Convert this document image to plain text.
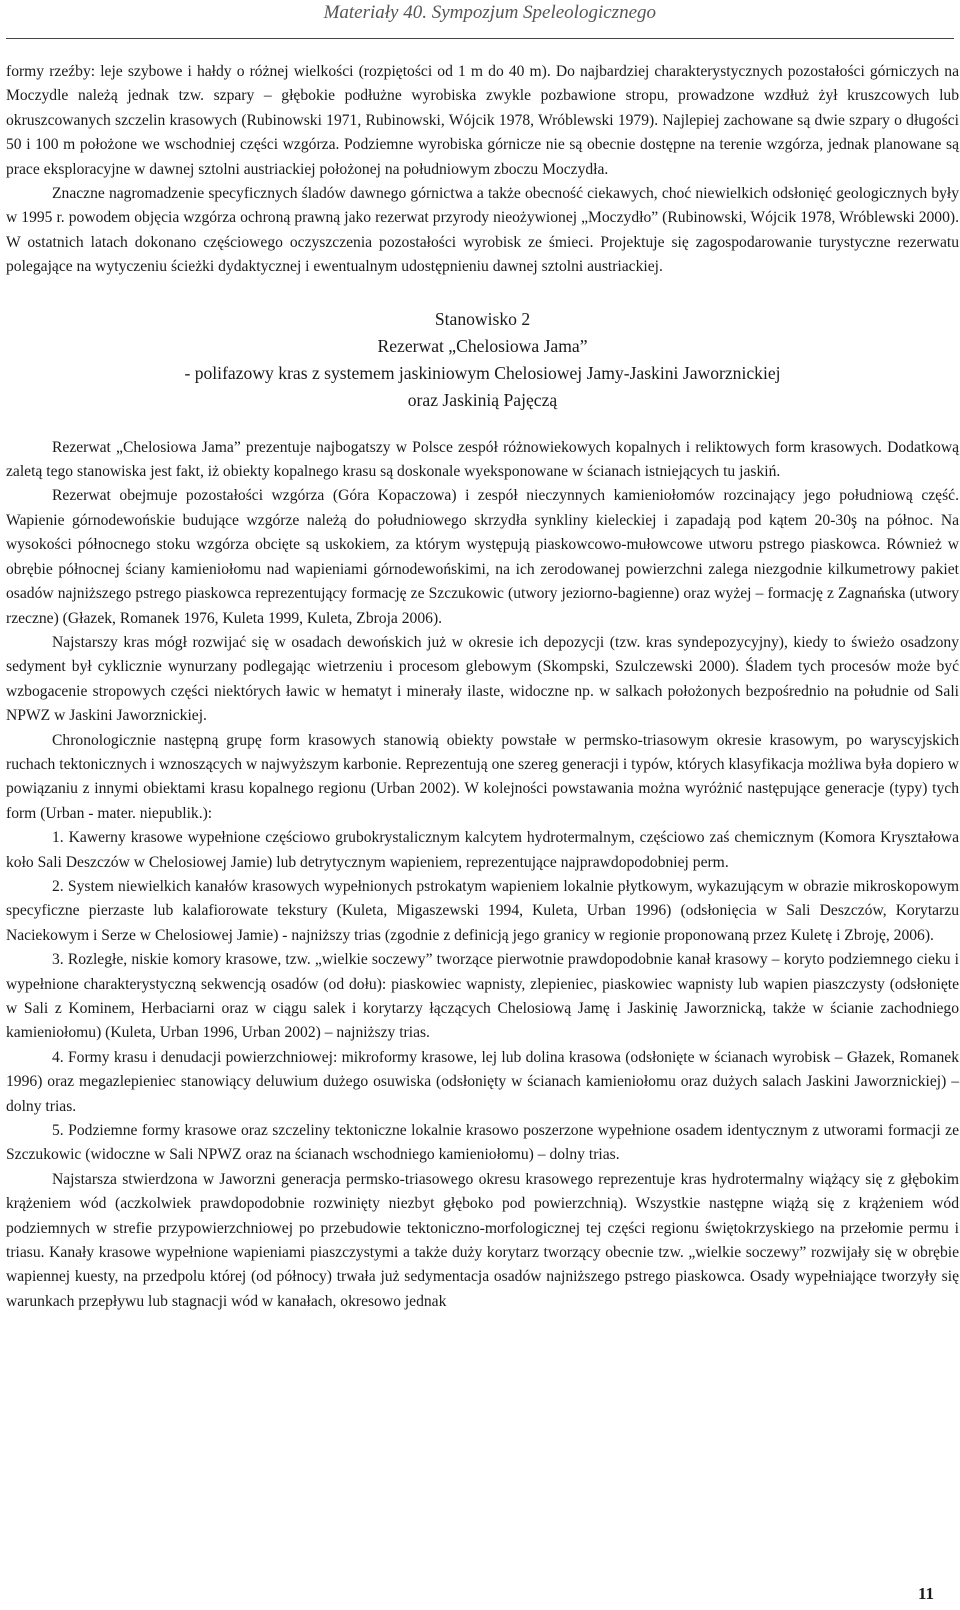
Materiały 40. Sympozjum Speleologicznego

formy rzeźby: leje szybowe i hałdy o różnej wielkości (rozpiętości od 1 m do 40 m). Do najbardziej charakterystycznych pozostałości górniczych na Moczydle należą jednak tzw. szpary – głębokie podłużne wyrobiska zwykle pozbawione stropu, prowadzone wzdłuż żył kruszcowych lub okruszcowanych szczelin krasowych (Rubinowski 1971, Rubinowski, Wójcik 1978, Wróblewski 1979). Najlepiej zachowane są dwie szpary o długości 50 i 100 m położone we wschodniej części wzgórza. Podziemne wyrobiska górnicze nie są obecnie dostępne na terenie wzgórza, jednak planowane są prace eksploracyjne w dawnej sztolni austriackiej położonej na południowym zboczu Moczydła.

Znaczne nagromadzenie specyficznych śladów dawnego górnictwa a także obecność ciekawych, choć niewielkich odsłonięć geologicznych były w 1995 r. powodem objęcia wzgórza ochroną prawną jako rezerwat przyrody nieożywionej „Moczydło” (Rubinowski, Wójcik 1978, Wróblewski 2000). W ostatnich latach dokonano częściowego oczyszczenia pozostałości wyrobisk ze śmieci. Projektuje się zagospodarowanie turystyczne rezerwatu polegające na wytyczeniu ścieżki dydaktycznej i ewentualnym udostępnieniu dawnej sztolni austriackiej.

Stanowisko 2
Rezerwat „Chelosiowa Jama”
- polifazowy kras z systemem jaskiniowym Chelosiowej Jamy-Jaskini Jaworznickiej
oraz Jaskinią Pajęczą

Rezerwat „Chelosiowa Jama” prezentuje najbogatszy w Polsce zespół różnowiekowych kopalnych i reliktowych form krasowych. Dodatkową zaletą tego stanowiska jest fakt, iż obiekty kopalnego krasu są doskonale wyeksponowane w ścianach istniejących tu jaskiń.

Rezerwat obejmuje pozostałości wzgórza (Góra Kopaczowa) i zespół nieczynnych kamieniołomów rozcinający jego południową część. Wapienie górnodewońskie budujące wzgórze należą do południowego skrzydła synkliny kieleckiej i zapadają pod kątem 20-30ş na północ. Na wysokości północnego stoku wzgórza obcięte są uskokiem, za którym występują piaskowcowo-mułowcowe utworu pstrego piaskowca. Również w obrębie północnej ściany kamieniołomu nad wapieniami górnodewońskimi, na ich zerodowanej powierzchni zalega niezgodnie kilkumetrowy pakiet osadów najniższego pstrego piaskowca reprezentujący formację ze Szczukowic (utwory jeziorno-bagienne) oraz wyżej – formację z Zagnańska (utwory rzeczne) (Głazek, Romanek 1976, Kuleta 1999, Kuleta, Zbroja 2006).

Najstarszy kras mógł rozwijać się w osadach dewońskich już w okresie ich depozycji (tzw. kras syndepozycyjny), kiedy to świeżo osadzony sedyment był cyklicznie wynurzany podlegając wietrzeniu i procesom glebowym (Skompski, Szulczewski 2000). Śladem tych procesów może być wzbogacenie stropowych części niektórych ławic w hematyt i minerały ilaste, widoczne np. w salkach położonych bezpośrednio na południe od Sali NPWZ w Jaskini Jaworznickiej.

Chronologicznie następną grupę form krasowych stanowią obiekty powstałe w permsko-triasowym okresie krasowym, po waryscyjskich ruchach tektonicznych i wznoszących w najwyższym karbonie. Reprezentują one szereg generacji i typów, których klasyfikacja możliwa była dopiero w powiązaniu z innymi obiektami krasu kopalnego regionu (Urban 2002). W kolejności powstawania można wyróżnić następujące generacje (typy) tych form (Urban - mater. niepublik.):

1. Kawerny krasowe wypełnione częściowo grubokrystalicznym kalcytem hydrotermalnym, częściowo zaś chemicznym (Komora Kryształowa koło Sali Deszczów w Chelosiowej Jamie) lub detrytycznym wapieniem, reprezentujące najprawdopodobniej perm.

2. System niewielkich kanałów krasowych wypełnionych pstrokatym wapieniem lokalnie płytkowym, wykazującym w obrazie mikroskopowym specyficzne pierzaste lub kalafiorowate tekstury (Kuleta, Migaszewski 1994, Kuleta, Urban 1996) (odsłonięcia w Sali Deszczów, Korytarzu Naciekowym i Serze w Chelosiowej Jamie) - najniższy trias (zgodnie z definicją jego granicy w regionie proponowaną przez Kuletę i Zbroję, 2006).

3. Rozległe, niskie komory krasowe, tzw. „wielkie soczewy” tworzące pierwotnie prawdopodobnie kanał krasowy – koryto podziemnego cieku i wypełnione charakterystyczną sekwencją osadów (od dołu): piaskowiec wapnisty, zlepieniec, piaskowiec wapnisty lub wapien piaszczysty (odsłonięte w Sali z Kominem, Herbaciarni oraz w ciągu salek i korytarzy łączących Chelosiową Jamę i Jaskinię Jaworznicką, także w ścianie zachodniego kamieniołomu) (Kuleta, Urban 1996, Urban 2002) – najniższy trias.

4. Formy krasu i denudacji powierzchniowej: mikroformy krasowe, lej lub dolina krasowa (odsłonięte w ścianach wyrobisk – Głazek, Romanek 1996) oraz megazlepieniec stanowiący deluwium dużego osuwiska (odsłonięty w ścianach kamieniołomu oraz dużych salach Jaskini Jaworznickiej) – dolny trias.

5. Podziemne formy krasowe oraz szczeliny tektoniczne lokalnie krasowo poszerzone wypełnione osadem identycznym z utworami formacji ze Szczukowic (widoczne w Sali NPWZ oraz na ścianach wschodniego kamieniołomu) – dolny trias.

Najstarsza stwierdzona w Jaworzni generacja permsko-triasowego okresu krasowego reprezentuje kras hydrotermalny wiążący się z głębokim krążeniem wód (aczkolwiek prawdopodobnie rozwinięty niezbyt głęboko pod powierzchnią). Wszystkie następne wiążą się z krążeniem wód podziemnych w strefie przypowierzchniowej po przebudowie tektoniczno-morfologicznej tej części regionu świętokrzyskiego na przełomie permu i triasu. Kanały krasowe wypełnione wapieniami piaszczystymi a także duży korytarz tworzący obecnie tzw. „wielkie soczewy” rozwijały się w obrębie wapiennej kuesty, na przedpolu której (od północy) trwała już sedymentacja osadów najniższego pstrego piaskowca. Osady wypełniające tworzyły się warunkach przepływu lub stagnacji wód w kanałach, okresowo jednak

11
